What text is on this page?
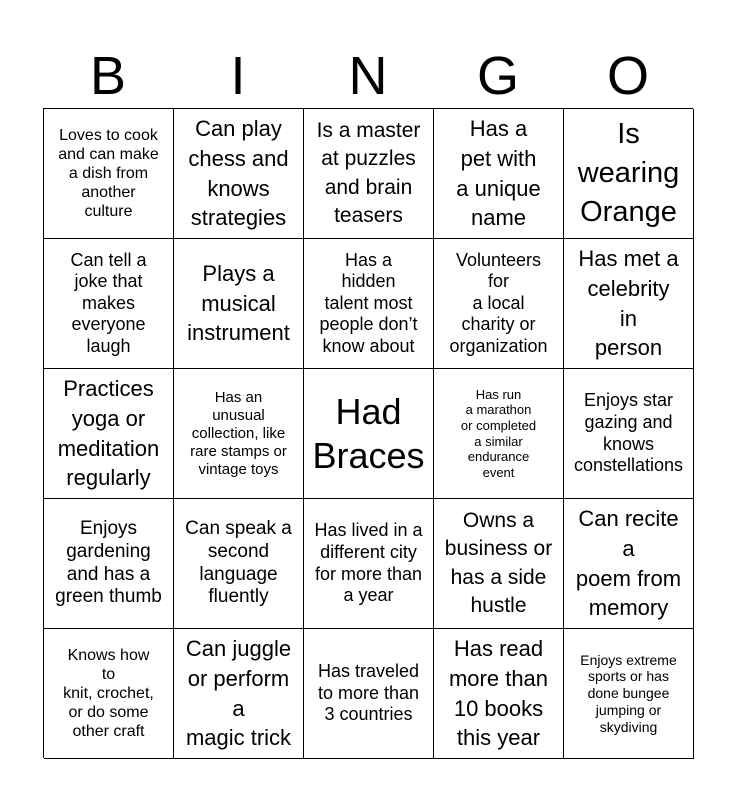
B	I	N	G	O
Loves to cook
and can make
a dish from
another
culture
Can play
chess and
knows
strategies
Is a master
at puzzles
and brain
teasers
Has a
pet with
a unique
name
Is
wearing
Orange
Can tell a
joke that
makes
everyone
laugh
Plays a
musical
instrument
Has a
hidden
talent most
people don’t
know about
Volunteers
for
a local
charity or
organization
Has met a
celebrity
in
person
Practices
yoga or
meditation
regularly
Has an
unusual
collection, like
rare stamps or
vintage toys
Had
Braces
Has run
a marathon
or completed
a similar
endurance
event
Enjoys star
gazing and
knows
constellations
Enjoys
gardening
and has a
green thumb
Can speak a
second
language
fluently
Has lived in a
different city
for more than
a year
Owns a
business or
has a side
hustle
Can recite
a
poem from
memory
Knows how
to
knit, crochet,
or do some
other craft
Can juggle
or perform
a
magic trick
Has traveled
to more than
3 countries
Has read
more than
10 books
this year
Enjoys extreme
sports or has
done bungee
jumping or
skydiving
